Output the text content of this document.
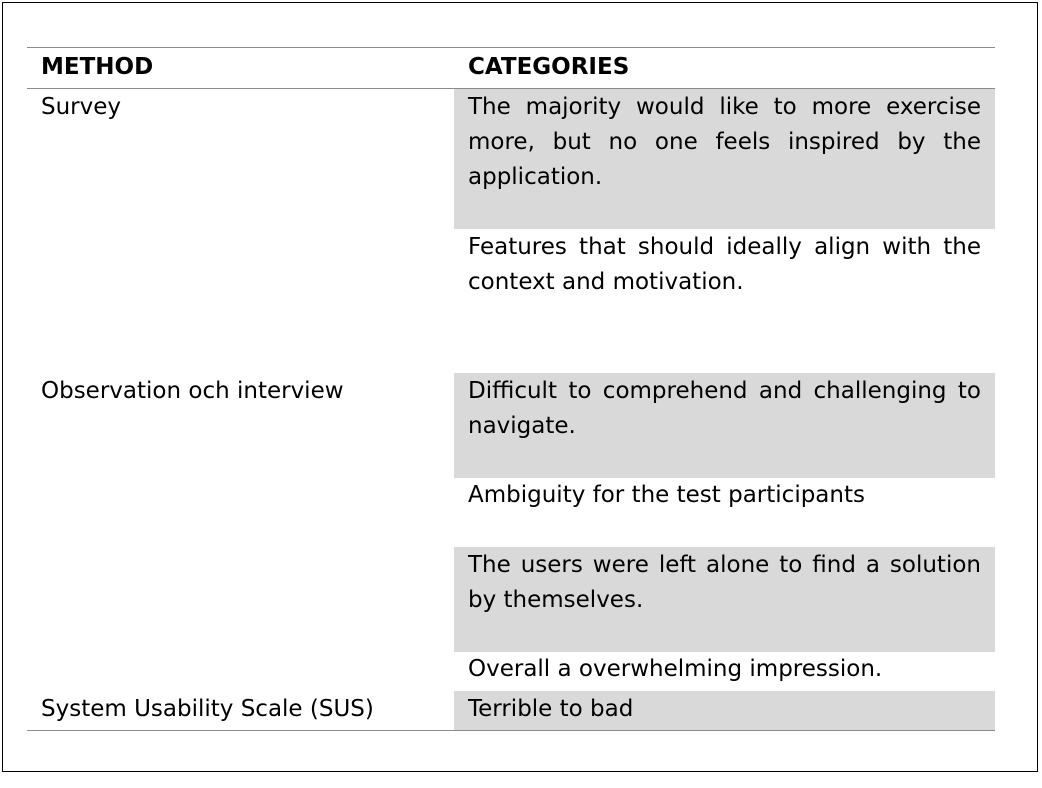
METHOD	CATEGORIES
Survey
Observation och interview
System Usability Scale (SUS)
The majority would like to more exercise more, but no one feels inspired by the application.
Features that should ideally align with the context and motivation.
Difficult to comprehend and challenging to navigate.
Ambiguity for the test participants
The users were left alone to find a solution by themselves.
Overall a overwhelming impression.
Terrible to bad
